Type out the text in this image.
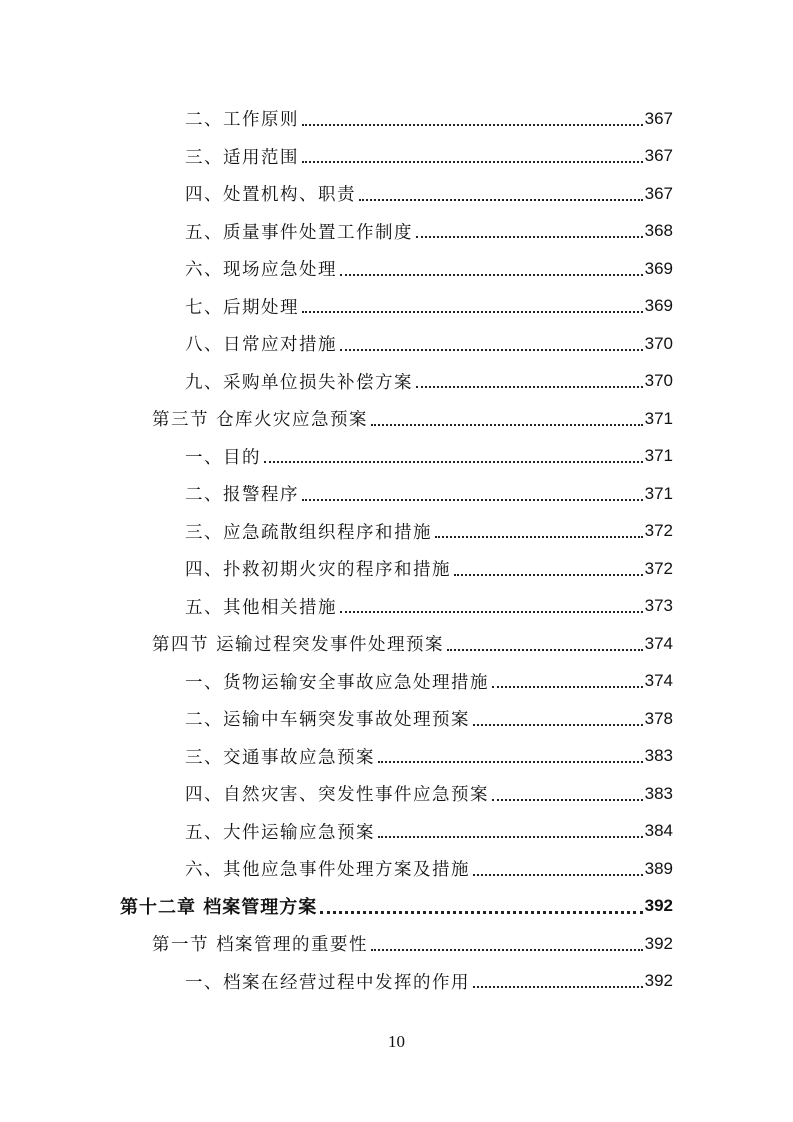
二、工作原则	367
三、适用范围	367
四、处置机构、职责	367
五、质量事件处置工作制度	368
六、现场应急处理	369
七、后期处理	369
八、日常应对措施	370
九、采购单位损失补偿方案	370
第三节 仓库火灾应急预案	371
一、目的	371
二、报警程序	371
三、应急疏散组织程序和措施	372
四、扑救初期火灾的程序和措施	372
五、其他相关措施	373
第四节 运输过程突发事件处理预案	374
一、货物运输安全事故应急处理措施	374
二、运输中车辆突发事故处理预案	378
三、交通事故应急预案	383
四、自然灾害、突发性事件应急预案	383
五、大件运输应急预案	384
六、其他应急事件处理方案及措施	389
第十二章 档案管理方案	392
第一节 档案管理的重要性	392
一、档案在经营过程中发挥的作用	392
10
